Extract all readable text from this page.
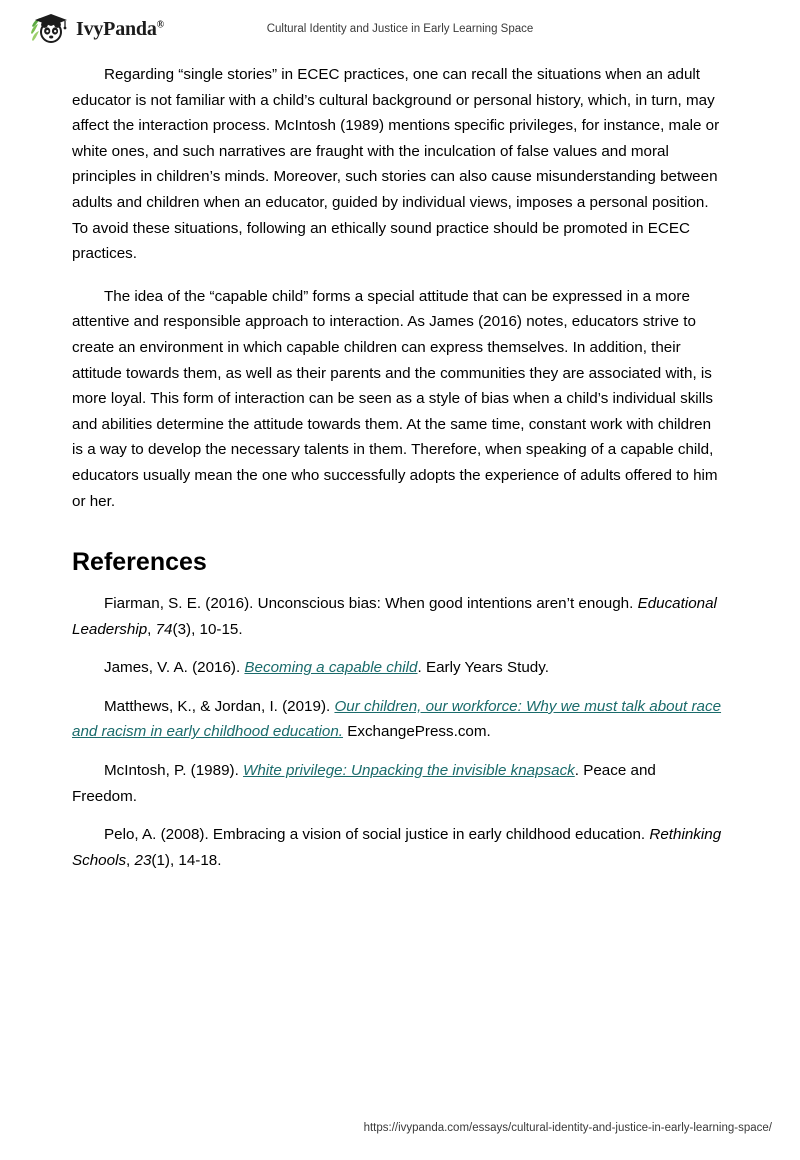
IvyPanda®	Cultural Identity and Justice in Early Learning Space

Regarding “single stories” in ECEC practices, one can recall the situations when an adult educator is not familiar with a child’s cultural background or personal history, which, in turn, may affect the interaction process. McIntosh (1989) mentions specific privileges, for instance, male or white ones, and such narratives are fraught with the inculcation of false values and moral principles in children’s minds. Moreover, such stories can also cause misunderstanding between adults and children when an educator, guided by individual views, imposes a personal position. To avoid these situations, following an ethically sound practice should be promoted in ECEC practices.

The idea of the “capable child” forms a special attitude that can be expressed in a more attentive and responsible approach to interaction. As James (2016) notes, educators strive to create an environment in which capable children can express themselves. In addition, their attitude towards them, as well as their parents and the communities they are associated with, is more loyal. This form of interaction can be seen as a style of bias when a child’s individual skills and abilities determine the attitude towards them. At the same time, constant work with children is a way to develop the necessary talents in them. Therefore, when speaking of a capable child, educators usually mean the one who successfully adopts the experience of adults offered to him or her.

References

Fiarman, S. E. (2016). Unconscious bias: When good intentions aren’t enough. Educational Leadership, 74(3), 10-15.

James, V. A. (2016). Becoming a capable child. Early Years Study.

Matthews, K., & Jordan, I. (2019). Our children, our workforce: Why we must talk about race and racism in early childhood education. ExchangePress.com.

McIntosh, P. (1989). White privilege: Unpacking the invisible knapsack. Peace and Freedom.

Pelo, A. (2008). Embracing a vision of social justice in early childhood education. Rethinking Schools, 23(1), 14-18.

https://ivypanda.com/essays/cultural-identity-and-justice-in-early-learning-space/
